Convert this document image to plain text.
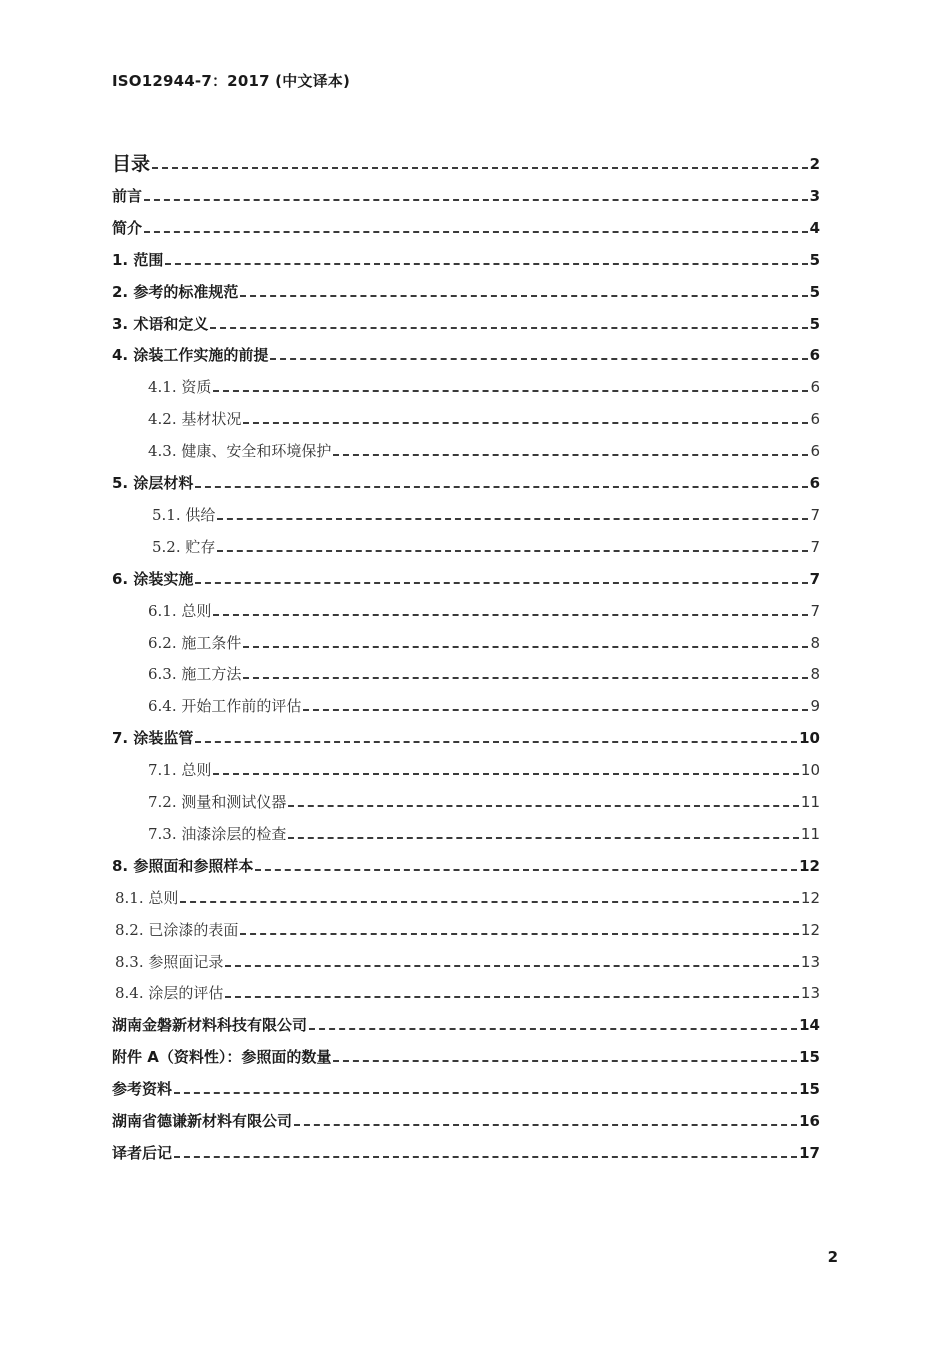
ISO12944-7：2017 (中文译本)
目录	2
前言	3
简介	4
1. 范围	5
2. 参考的标准规范	5
3. 术语和定义	5
4. 涂装工作实施的前提	6
4.1. 资质	6
4.2. 基材状况	6
4.3. 健康、安全和环境保护	6
5. 涂层材料	6
5.1. 供给	7
5.2. 贮存	7
6. 涂装实施	7
6.1. 总则	7
6.2. 施工条件	8
6.3. 施工方法	8
6.4. 开始工作前的评估	9
7. 涂装监管	10
7.1. 总则	10
7.2. 测量和测试仪器	11
7.3. 油漆涂层的检查	11
8. 参照面和参照样本	12
8.1. 总则	12
8.2. 已涂漆的表面	12
8.3. 参照面记录	13
8.4. 涂层的评估	13
湖南金磐新材料科技有限公司	14
附件 A（资料性）：参照面的数量	15
参考资料	15
湖南省德谦新材料有限公司	16
译者后记	17
2
